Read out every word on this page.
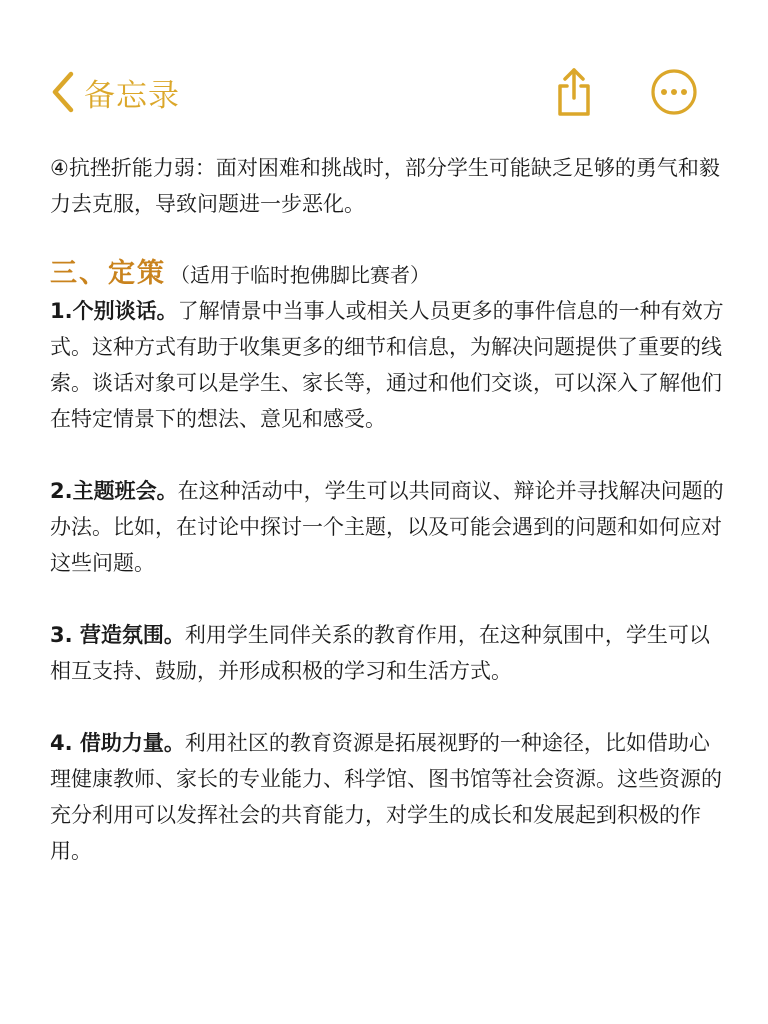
备忘录

④抗挫折能力弱：面对困难和挑战时，部分学生可能缺乏足够的勇气和毅力去克服，导致问题进一步恶化。

三、定策 （适用于临时抱佛脚比赛者）

1.个别谈话。了解情景中当事人或相关人员更多的事件信息的一种有效方式。这种方式有助于收集更多的细节和信息，为解决问题提供了重要的线索。谈话对象可以是学生、家长等，通过和他们交谈，可以深入了解他们在特定情景下的想法、意见和感受。

2.主题班会。在这种活动中，学生可以共同商议、辩论并寻找解决问题的办法。比如，在讨论中探讨一个主题，以及可能会遇到的问题和如何应对这些问题。

3. 营造氛围。利用学生同伴关系的教育作用，在这种氛围中，学生可以相互支持、鼓励，并形成积极的学习和生活方式。

4. 借助力量。利用社区的教育资源是拓展视野的一种途径，比如借助心理健康教师、家长的专业能力、科学馆、图书馆等社会资源。这些资源的充分利用可以发挥社会的共育能力，对学生的成长和发展起到积极的作用。
